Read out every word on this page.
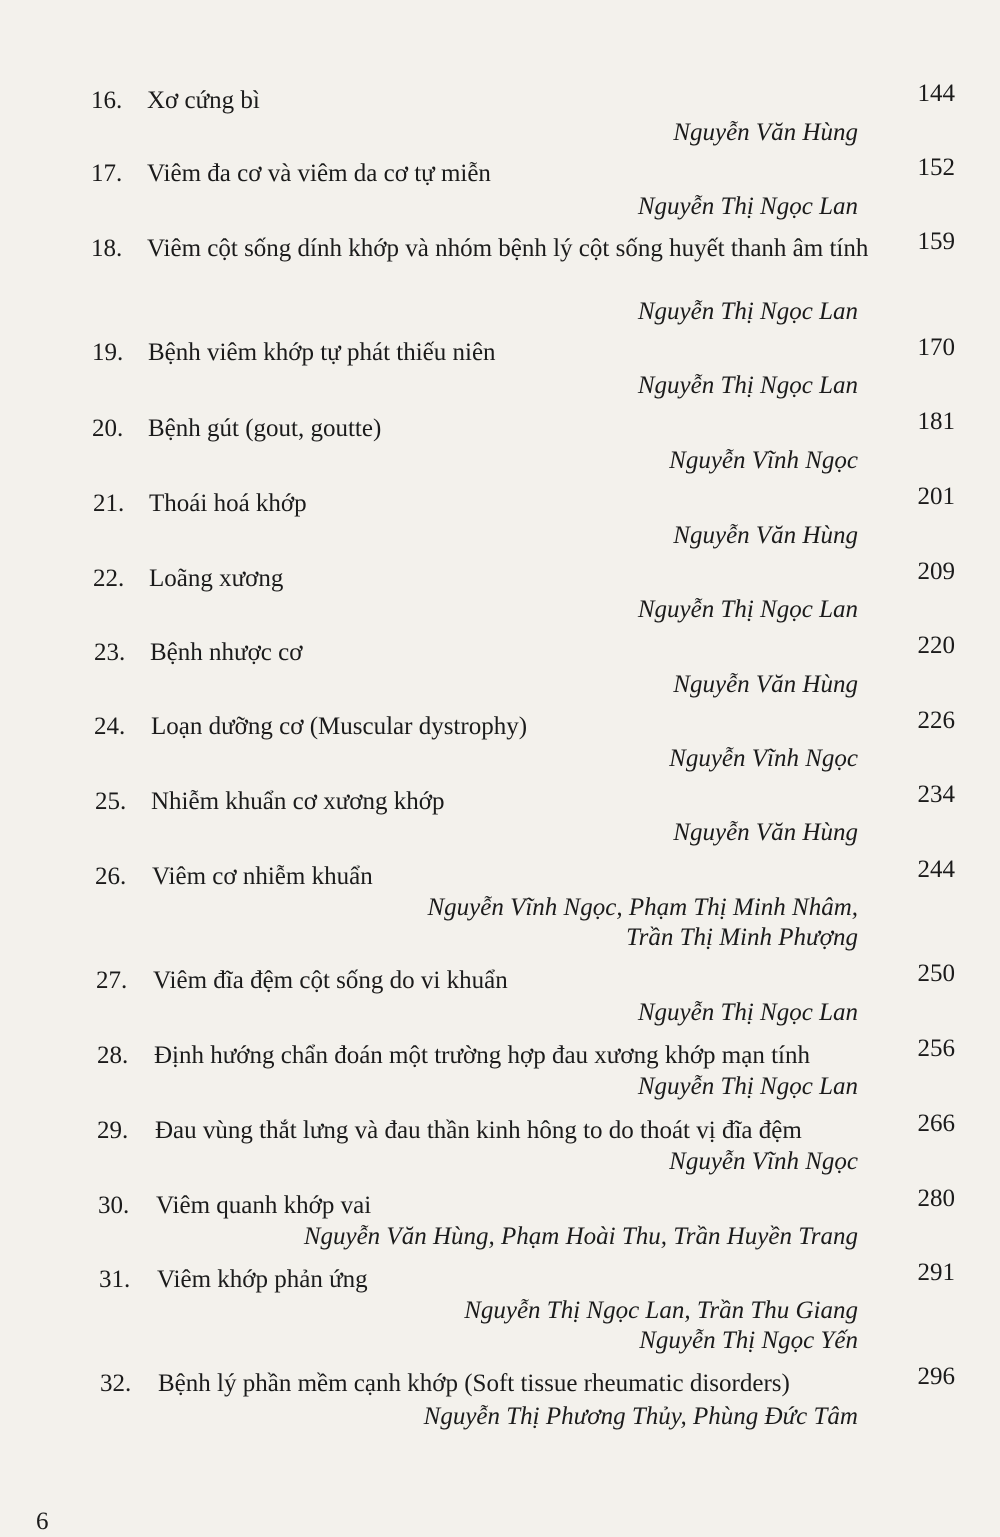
16. Xơ cứng bì	144
Nguyễn Văn Hùng
17. Viêm đa cơ và viêm da cơ tự miễn	152
Nguyễn Thị Ngọc Lan
18. Viêm cột sống dính khớp và nhóm bệnh lý cột sống huyết thanh âm tính	159
Nguyễn Thị Ngọc Lan
19. Bệnh viêm khớp tự phát thiếu niên	170
Nguyễn Thị Ngọc Lan
20. Bệnh gút (gout, goutte)	181
Nguyễn Vĩnh Ngọc
21. Thoái hoá khớp	201
Nguyễn Văn Hùng
22. Loãng xương	209
Nguyễn Thị Ngọc Lan
23. Bệnh nhược cơ	220
Nguyễn Văn Hùng
24. Loạn dưỡng cơ (Muscular dystrophy)	226
Nguyễn Vĩnh Ngọc
25. Nhiễm khuẩn cơ xương khớp	234
Nguyễn Văn Hùng
26. Viêm cơ nhiễm khuẩn	244
Nguyễn Vĩnh Ngọc, Phạm Thị Minh Nhâm,
Trần Thị Minh Phượng
27. Viêm đĩa đệm cột sống do vi khuẩn	250
Nguyễn Thị Ngọc Lan
28. Định hướng chẩn đoán một trường hợp đau xương khớp mạn tính	256
Nguyễn Thị Ngọc Lan
29. Đau vùng thắt lưng và đau thần kinh hông to do thoát vị đĩa đệm	266
Nguyễn Vĩnh Ngọc
30. Viêm quanh khớp vai	280
Nguyễn Văn Hùng, Phạm Hoài Thu, Trần Huyền Trang
31. Viêm khớp phản ứng	291
Nguyễn Thị Ngọc Lan, Trần Thu Giang
Nguyễn Thị Ngọc Yến
32. Bệnh lý phần mềm cạnh khớp (Soft tissue rheumatic disorders)	296
Nguyễn Thị Phương Thủy, Phùng Đức Tâm
6
